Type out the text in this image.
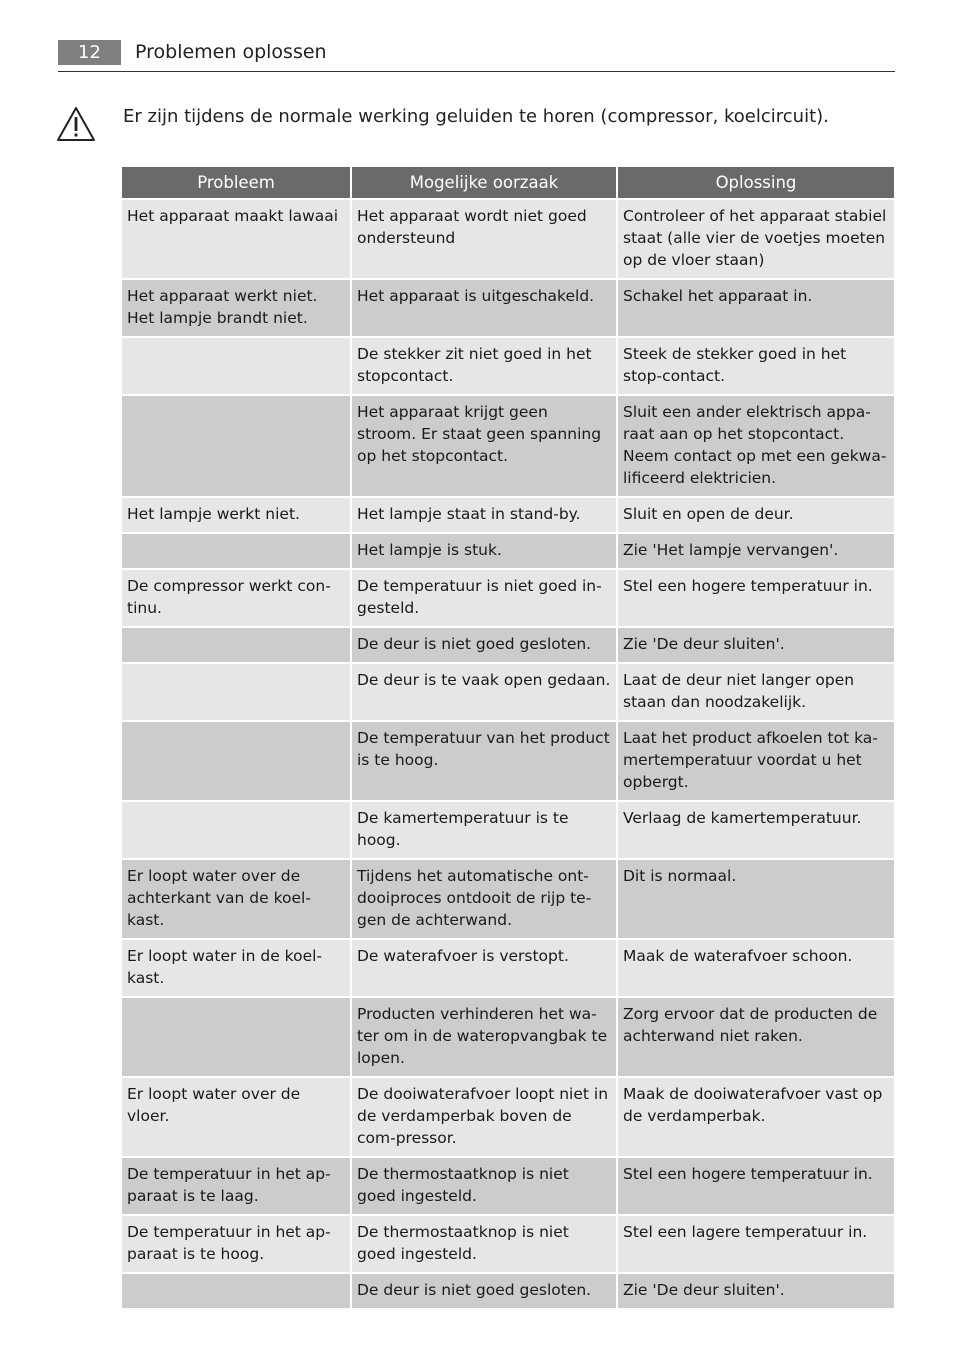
12	Problemen oplossen
Er zijn tijdens de normale werking geluiden te horen (compressor, koelcircuit).
Probleem	Mogelijke oorzaak	Oplossing
Het apparaat maakt lawaai	Het apparaat wordt niet goed ondersteund	Controleer of het apparaat stabiel staat (alle vier de voetjes moeten op de vloer staan)
Het apparaat werkt niet. Het lampje brandt niet.	Het apparaat is uitgeschakeld.	Schakel het apparaat in.
	De stekker zit niet goed in het stopcontact.	Steek de stekker goed in het stop-contact.
	Het apparaat krijgt geen stroom. Er staat geen spanning op het stopcontact.	Sluit een ander elektrisch appa-raat aan op het stopcontact. Neem contact op met een gekwa-lificeerd elektricien.
Het lampje werkt niet.	Het lampje staat in stand-by.	Sluit en open de deur.
	Het lampje is stuk.	Zie 'Het lampje vervangen'.
De compressor werkt con-tinu.	De temperatuur is niet goed in-gesteld.	Stel een hogere temperatuur in.
	De deur is niet goed gesloten.	Zie 'De deur sluiten'.
	De deur is te vaak open gedaan.	Laat de deur niet langer open staan dan noodzakelijk.
	De temperatuur van het product is te hoog.	Laat het product afkoelen tot ka-mertemperatuur voordat u het opbergt.
	De kamertemperatuur is te hoog.	Verlaag de kamertemperatuur.
Er loopt water over de achterkant van de koel-kast.	Tijdens het automatische ont-dooiproces ontdooit de rijp te-gen de achterwand.	Dit is normaal.
Er loopt water in de koel-kast.	De waterafvoer is verstopt.	Maak de waterafvoer schoon.
	Producten verhinderen het wa-ter om in de wateropvangbak te lopen.	Zorg ervoor dat de producten de achterwand niet raken.
Er loopt water over de vloer.	De dooiwaterafvoer loopt niet in de verdamperbak boven de com-pressor.	Maak de dooiwaterafvoer vast op de verdamperbak.
De temperatuur in het ap-paraat is te laag.	De thermostaatknop is niet goed ingesteld.	Stel een hogere temperatuur in.
De temperatuur in het ap-paraat is te hoog.	De thermostaatknop is niet goed ingesteld.	Stel een lagere temperatuur in.
	De deur is niet goed gesloten.	Zie 'De deur sluiten'.
